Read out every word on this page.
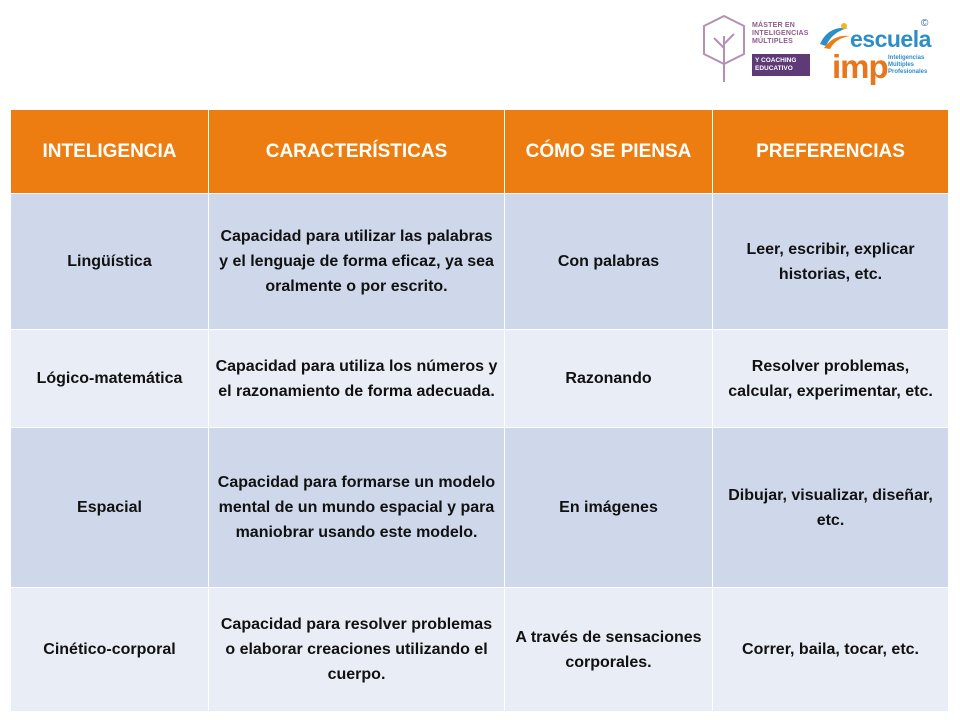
MÁSTER EN
INTELIGENCIAS
MÚLTIPLES
Y COACHING
EDUCATIVO
escuela
©
imp Inteligencias
Múltiples
Profesionales
INTELIGENCIA	CARACTERÍSTICAS	CÓMO SE PIENSA	PREFERENCIAS
Lingüística	Capacidad para utilizar las palabras y el lenguaje de forma eficaz, ya sea oralmente o por escrito.	Con palabras	Leer, escribir, explicar historias, etc.
Lógico-matemática	Capacidad para utiliza los números y el razonamiento de forma adecuada.	Razonando	Resolver problemas, calcular, experimentar, etc.
Espacial	Capacidad para formarse un modelo mental de un mundo espacial y para maniobrar usando este modelo.	En imágenes	Dibujar, visualizar, diseñar, etc.
Cinético-corporal	Capacidad para resolver problemas o elaborar creaciones utilizando el cuerpo.	A través de sensaciones corporales.	Correr, baila, tocar, etc.
